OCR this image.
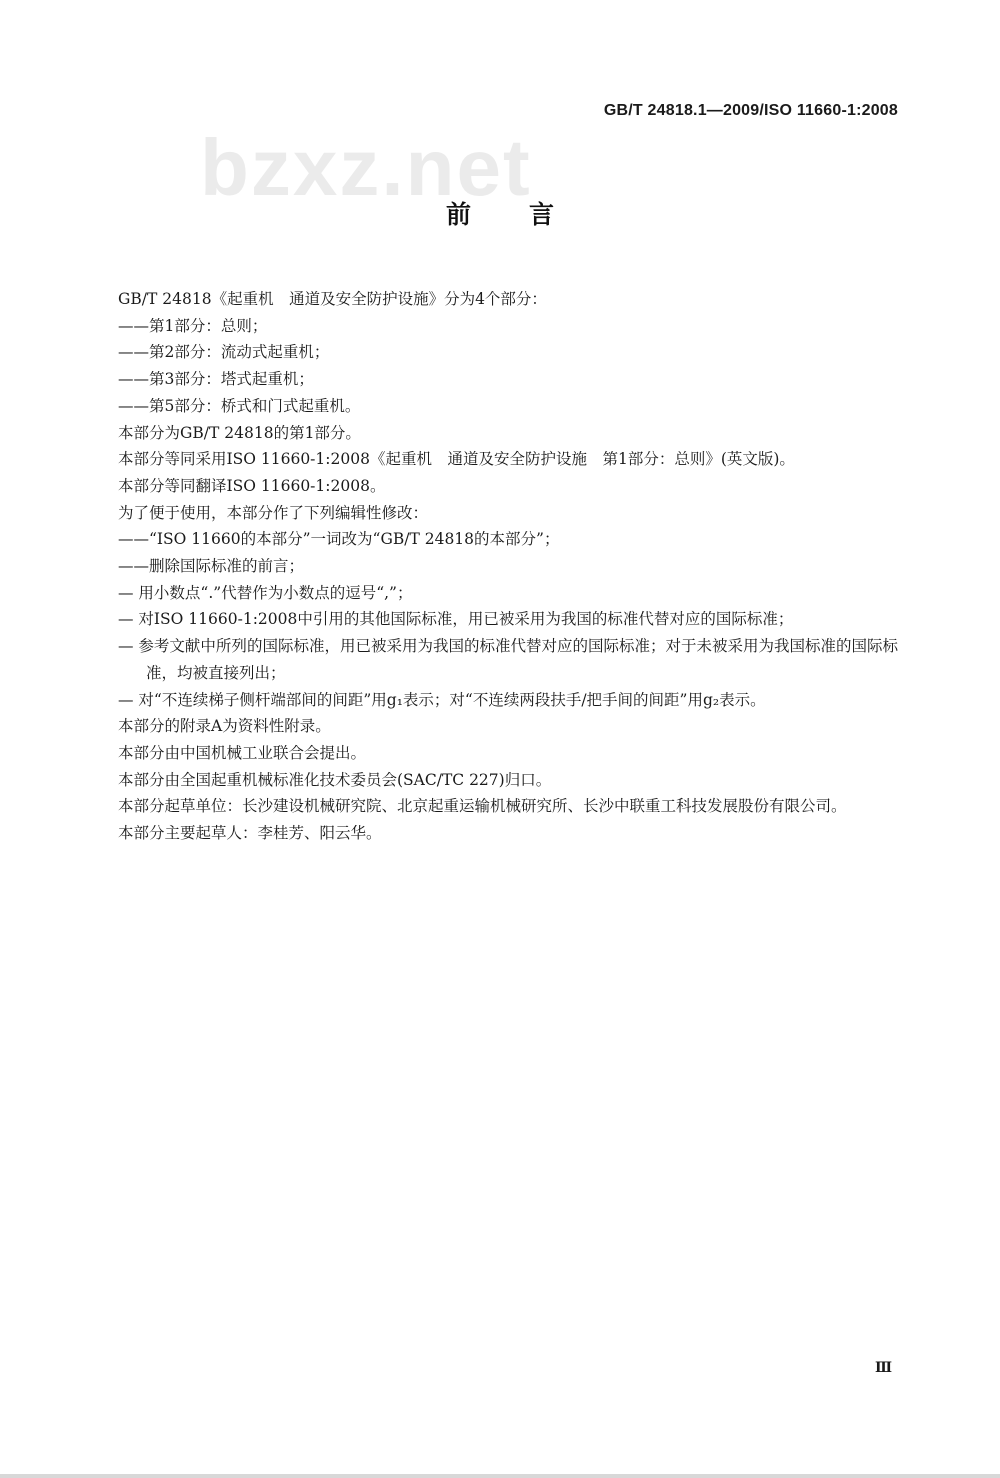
GB/T 24818.1—2009/ISO 11660-1:2008
bzxz.net
前言

GB/T 24818《起重机　通道及安全防护设施》分为4个部分：

——第1部分：总则；

——第2部分：流动式起重机；

——第3部分：塔式起重机；

——第5部分：桥式和门式起重机。

本部分为GB/T 24818的第1部分。

本部分等同采用ISO 11660-1:2008《起重机　通道及安全防护设施　第1部分：总则》(英文版)。

本部分等同翻译ISO 11660-1:2008。

为了便于使用，本部分作了下列编辑性修改：

——“ISO 11660的本部分”一词改为“GB/T 24818的本部分”；

——删除国际标准的前言；

— 用小数点“.”代替作为小数点的逗号“,”；

— 对ISO 11660-1:2008中引用的其他国际标准，用已被采用为我国的标准代替对应的国际标准；

— 参考文献中所列的国际标准，用已被采用为我国的标准代替对应的国际标准；对于未被采用为我国标准的国际标准，均被直接列出；

— 对“不连续梯子侧杆端部间的间距”用g₁表示；对“不连续两段扶手/把手间的间距”用g₂表示。

本部分的附录A为资料性附录。

本部分由中国机械工业联合会提出。

本部分由全国起重机械标准化技术委员会(SAC/TC 227)归口。

本部分起草单位：长沙建设机械研究院、北京起重运输机械研究所、长沙中联重工科技发展股份有限公司。

本部分主要起草人：李桂芳、阳云华。

Ⅲ
